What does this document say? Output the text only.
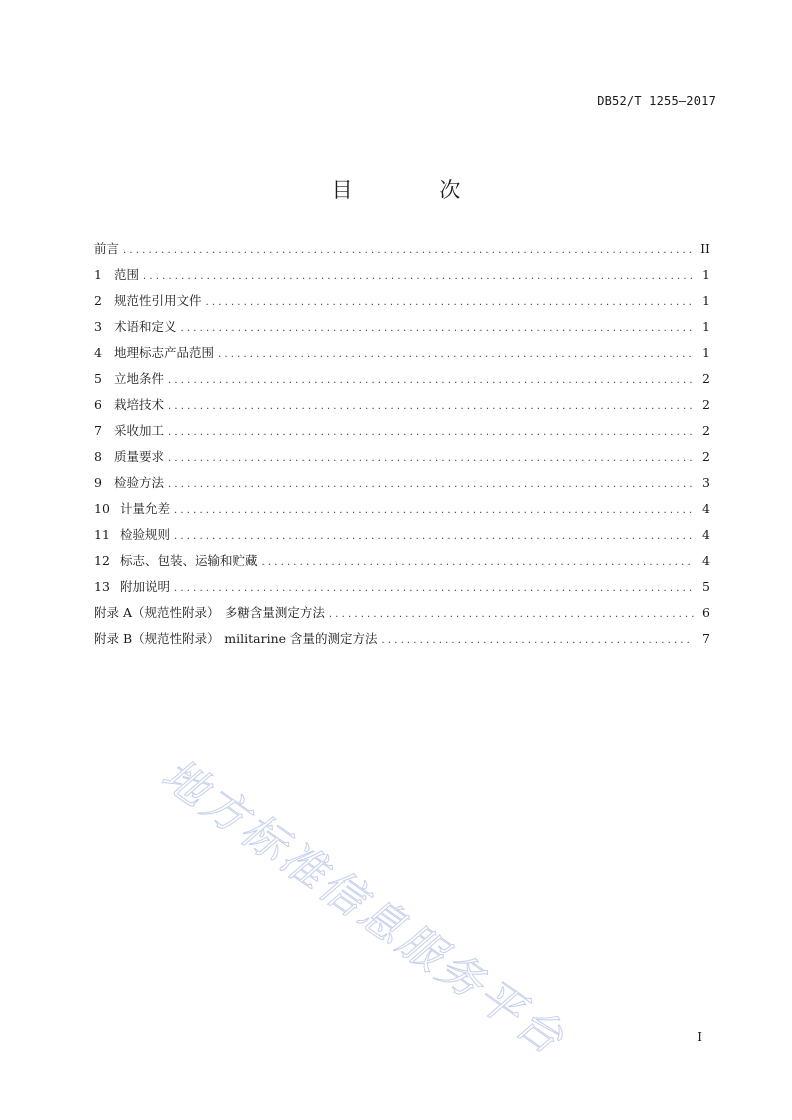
DB52/T 1255—2017
目 次
前言 . . .	II
1 范围 . . .	1
2 规范性引用文件 . . .	1
3 术语和定义 . . .	1
4 地理标志产品范围 . . .	1
5 立地条件 . . .	2
6 栽培技术 . . .	2
7 采收加工 . . .	2
8 质量要求 . . .	2
9 检验方法 . . .	3
10 计量允差 . . .	4
11 检验规则 . . .	4
12 标志、包装、运输和贮藏 . . .	4
13 附加说明 . . .	5
附录 A（规范性附录） 多糖含量测定方法 . . .	6
附录 B（规范性附录） militarine 含量的测定方法 . . .	7
地方标准信息服务平台	I
